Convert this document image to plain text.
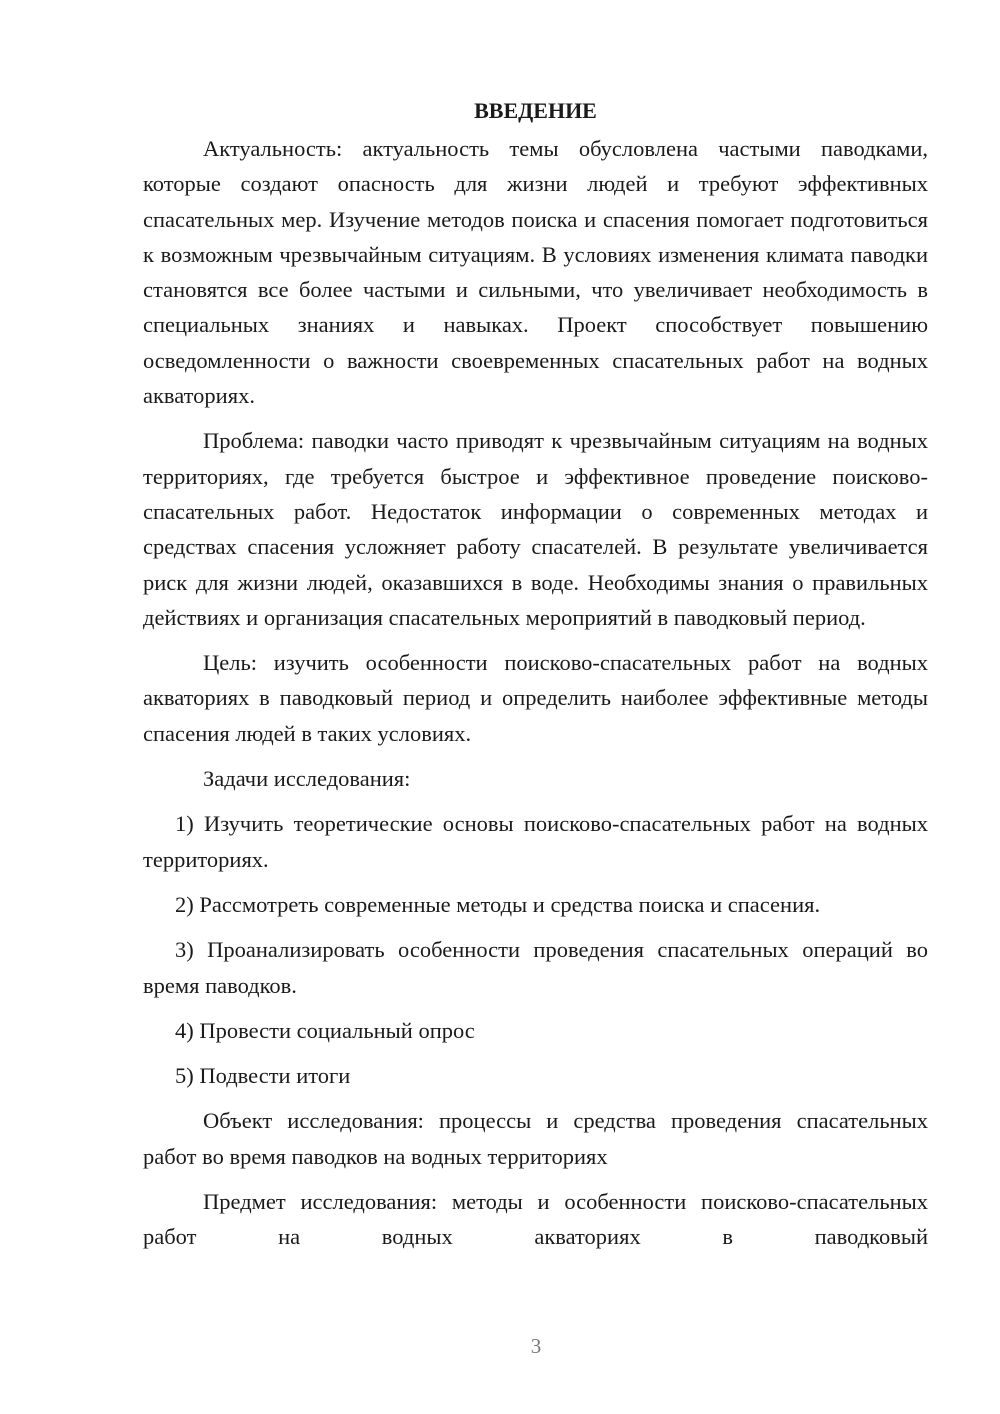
ВВЕДЕНИЕ

Актуальность: актуальность темы обусловлена частыми паводками, которые создают опасность для жизни людей и требуют эффективных спасательных мер. Изучение методов поиска и спасения помогает подготовиться к возможным чрезвычайным ситуациям. В условиях изменения климата паводки становятся все более частыми и сильными, что увеличивает необходимость в специальных знаниях и навыках. Проект способствует повышению осведомленности о важности своевременных спасательных работ на водных акваториях.

Проблема: паводки часто приводят к чрезвычайным ситуациям на водных территориях, где требуется быстрое и эффективное проведение поисково-спасательных работ. Недостаток информации о современных методах и средствах спасения усложняет работу спасателей. В результате увеличивается риск для жизни людей, оказавшихся в воде. Необходимы знания о правильных действиях и организация спасательных мероприятий в паводковый период.

Цель: изучить особенности поисково-спасательных работ на водных акваториях в паводковый период и определить наиболее эффективные методы спасения людей в таких условиях.

Задачи исследования:

1) Изучить теоретические основы поисково-спасательных работ на водных территориях.

2) Рассмотреть современные методы и средства поиска и спасения.

3) Проанализировать особенности проведения спасательных операций во время паводков.

4) Провести социальный опрос

5) Подвести итоги

Объект исследования: процессы и средства проведения спасательных работ во время паводков на водных территориях

Предмет исследования: методы и особенности поисково-спасательных работ на водных акваториях в паводковый

3
